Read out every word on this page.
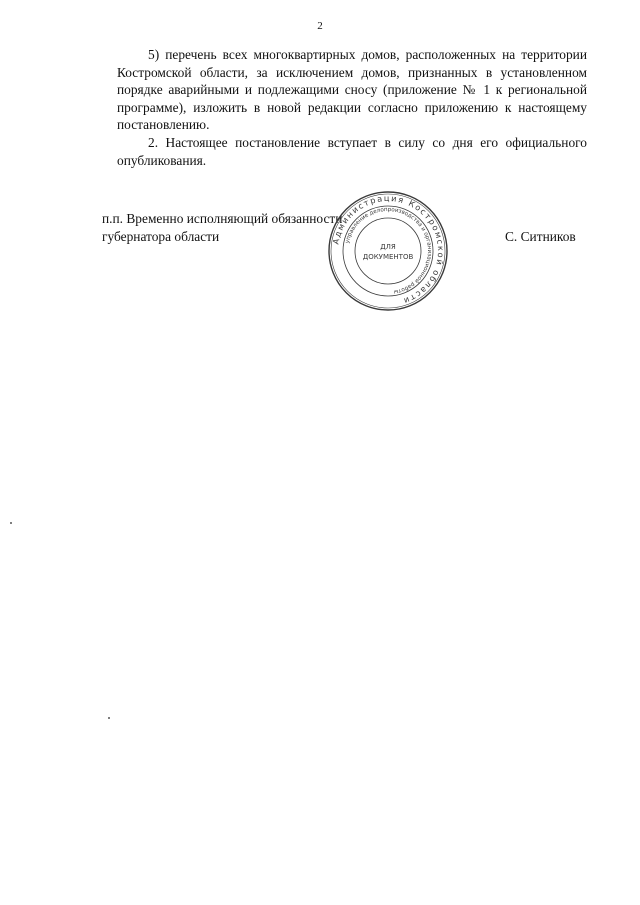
2

5) перечень всех многоквартирных домов, расположенных на территории Костромской области, за исключением домов, признанных в установленном порядке аварийными и подлежащими сносу (приложение № 1 к региональной программе), изложить в новой редакции согласно приложению к настоящему постановлению.

2. Настоящее постановление вступает в силу со дня его официального опубликования.

п.п. Временно исполняющий обязанности
губернатора области	С. Ситников
Администрация Костромской области
управление делопроизводства и организационной работы
ДЛЯ
ДОКУМЕНТОВ
